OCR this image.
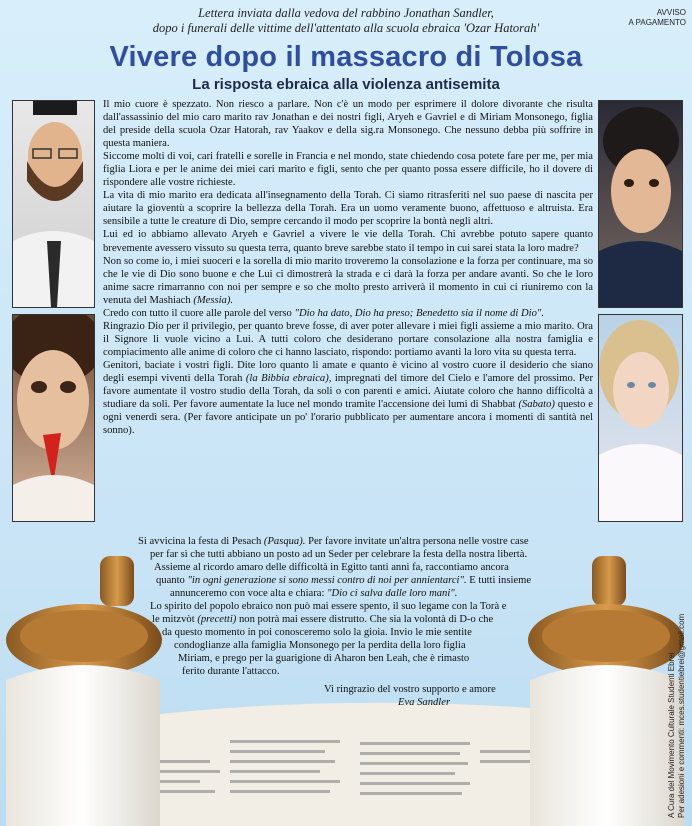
Lettera inviata dalla vedova del rabbino Jonathan Sandler,
dopo i funerali delle vittime dell'attentato alla scuola ebraica 'Ozar Hatorah'
AVVISO
A PAGAMENTO
Vivere dopo il massacro di Tolosa
La risposta ebraica alla violenza antisemita

Il mio cuore è spezzato. Non riesco a parlare. Non c'è un modo per esprimere il dolore divorante che risulta dall'assassinio del mio caro marito rav Jonathan e dei nostri figli, Aryeh e Gavriel e di Miriam Monsonego, figlia del preside della scuola Ozar Hatorah, rav Yaakov e della sig.ra Monsonego. Che nessuno debba più soffrire in questa maniera.

Siccome molti di voi, cari fratelli e sorelle in Francia e nel mondo, state chiedendo cosa potete fare per me, per mia figlia Liora e per le anime dei miei cari marito e figli, sento che per quanto possa essere difficile, ho il dovere di rispondere alle vostre richieste.

La vita di mio marito era dedicata all'insegnamento della Torah. Ci siamo ritrasferiti nel suo paese di nascita per aiutare la gioventù a scoprire la bellezza della Torah. Era un uomo veramente buono, affettuoso e altruista. Era sensibile a tutte le creature di Dio, sempre cercando il modo per scoprire la bontà negli altri.

Lui ed io abbiamo allevato Aryeh e Gavriel a vivere le vie della Torah. Chi avrebbe potuto sapere quanto brevemente avessero vissuto su questa terra, quanto breve sarebbe stato il tempo in cui sarei stata la loro madre?

Non so come io, i miei suoceri e la sorella di mio marito troveremo la consolazione e la forza per continuare, ma so che le vie di Dio sono buone e che Lui ci dimostrerà la strada e ci darà la forza per andare avanti. So che le loro anime sacre rimarranno con noi per sempre e so che molto presto arriverà il momento in cui ci riuniremo con la venuta del Mashiach (Messia).

Credo con tutto il cuore alle parole del verso "Dio ha dato, Dio ha preso; Benedetto sia il nome di Dio".

Ringrazio Dio per il privilegio, per quanto breve fosse, di aver poter allevare i miei figli assieme a mio marito. Ora il Signore li vuole vicino a Lui. A tutti coloro che desiderano portare consolazione alla nostra famiglia e compiacimento alle anime di coloro che ci hanno lasciato, rispondo: portiamo avanti la loro vita su questa terra.

Genitori, baciate i vostri figli. Dite loro quanto li amate e quanto è vicino al vostro cuore il desiderio che siano degli esempi viventi della Torah (la Bibbia ebraica), impregnati del timore del Cielo e l'amore del prossimo. Per favore aumentate il vostro studio della Torah, da soli o con parenti e amici. Aiutate coloro che hanno difficoltà a studiare da soli. Per favore aumentate la luce nel mondo tramite l'accensione dei lumi di Shabbat (Sabato) questo e ogni venerdì sera. (Per favore anticipate un po' l'orario pubblicato per aumentare ancora i momenti di santità nel sonno).

Si avvicina la festa di Pesach (Pasqua). Per favore invitate un'altra persona nelle vostre case
per far sì che tutti abbiano un posto ad un Seder per celebrare la festa della nostra libertà.
Assieme al ricordo amaro delle difficoltà in Egitto tanti anni fa, raccontiamo ancora
quanto "in ogni generazione si sono messi contro di noi per annientarci". E tutti insieme
annunceremo con voce alta e chiara: "Dio ci salva dalle loro mani".
Lo spirito del popolo ebraico non può mai essere spento, il suo legame con la Torà e
le mitzvòt (precetti) non potrà mai essere distrutto. Che sia la volontà di D-o che
da questo momento in poi conosceremo solo la gioia. Invio le mie sentite
condoglianze alla famiglia Monsonego per la perdita della loro figlia
Miriam, e prego per la guarigione di Aharon ben Leah, che è rimasto
ferito durante l'attacco.
Vi ringrazio del vostro supporto e amore
Eva Sandler	A Cura del Movimento Culturale Studenti Ebrei Per adesioni e commenti: mces.studentiebrei@gmail.com
